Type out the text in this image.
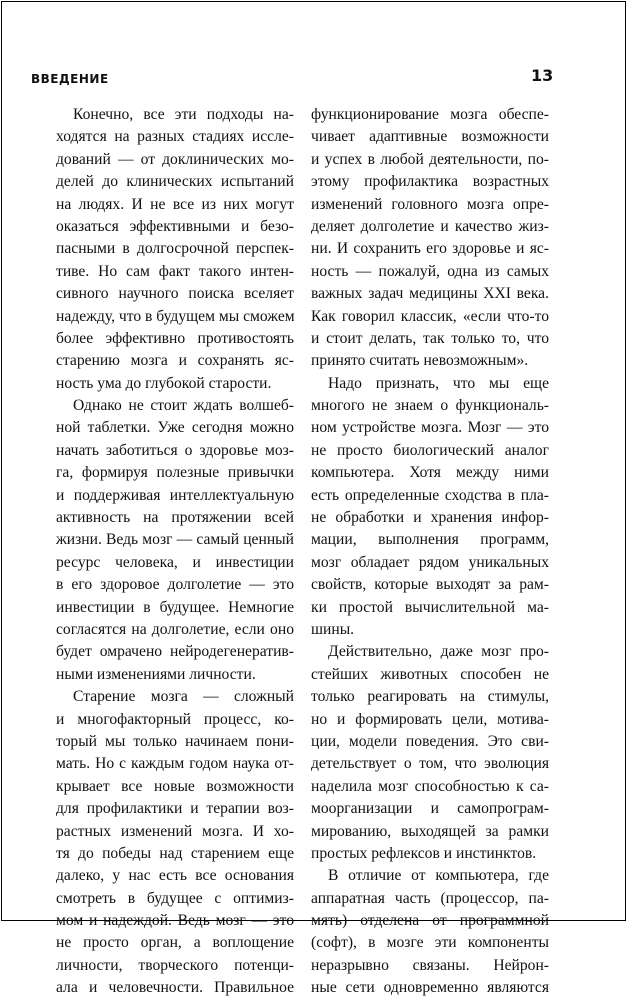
ВВЕДЕНИЕ	13
Конечно, все эти подходы на-
ходятся на разных стадиях иссле-
дований — от доклинических мо-
делей до клинических испытаний
на людях. И не все из них могут
оказаться эффективными и безо-
пасными в долгосрочной перспек-
тиве. Но сам факт такого интен-
сивного научного поиска вселяет
надежду, что в будущем мы сможем
более эффективно противостоять
старению мозга и сохранять яс-
ность ума до глубокой старости.
Однако не стоит ждать волшеб-
ной таблетки. Уже сегодня можно
начать заботиться о здоровье моз-
га, формируя полезные привычки
и поддерживая интеллектуальную
активность на протяжении всей
жизни. Ведь мозг — самый ценный
ресурс человека, и инвестиции
в его здоровое долголетие — это
инвестиции в будущее. Немногие
согласятся на долголетие, если оно
будет омрачено нейродегенератив-
ными изменениями личности.
Старение мозга — сложный
и многофакторный процесс, ко-
торый мы только начинаем пони-
мать. Но с каждым годом наука от-
крывает все новые возможности
для профилактики и терапии воз-
растных изменений мозга. И хо-
тя до победы над старением еще
далеко, у нас есть все основания
смотреть в будущее с оптимиз-
мом и надеждой. Ведь мозг — это
не просто орган, а воплощение
личности, творческого потенци-
ала и человечности. Правильное
функционирование мозга обеспе-
чивает адаптивные возможности
и успех в любой деятельности, по-
этому профилактика возрастных
изменений головного мозга опре-
деляет долголетие и качество жиз-
ни. И сохранить его здоровье и яс-
ность — пожалуй, одна из самых
важных задач медицины XXI века.
Как говорил классик, «если что-то
и стоит делать, так только то, что
принято считать невозможным».
Надо признать, что мы еще
многого не знаем о функциональ-
ном устройстве мозга. Мозг — это
не просто биологический аналог
компьютера. Хотя между ними
есть определенные сходства в пла-
не обработки и хранения инфор-
мации, выполнения программ,
мозг обладает рядом уникальных
свойств, которые выходят за рам-
ки простой вычислительной ма-
шины.
Действительно, даже мозг про-
стейших животных способен не
только реагировать на стимулы,
но и формировать цели, мотива-
ции, модели поведения. Это сви-
детельствует о том, что эволюция
наделила мозг способностью к са-
моорганизации и самопрограм-
мированию, выходящей за рамки
простых рефлексов и инстинктов.
В отличие от компьютера, где
аппаратная часть (процессор, па-
мять) отделена от программной
(софт), в мозге эти компоненты
неразрывно связаны. Нейрон-
ные сети одновременно являются
